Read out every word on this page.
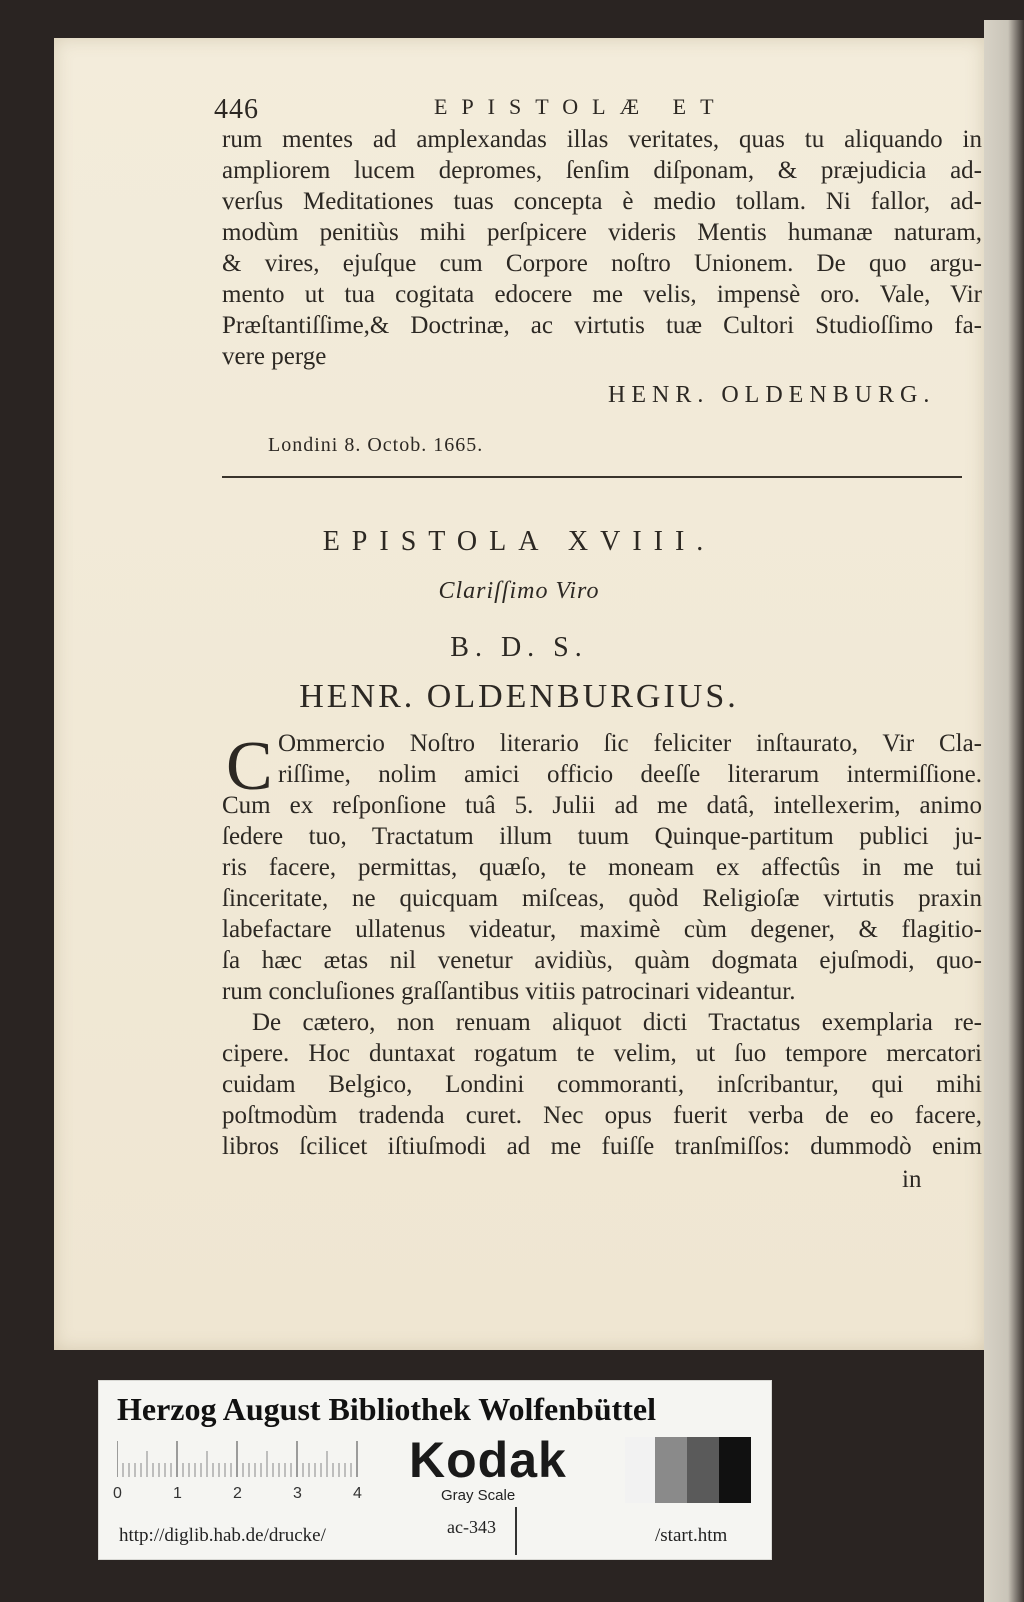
446	EPISTOLÆ ET
rum mentes ad amplexandas illas veritates, quas tu aliquando in
ampliorem lucem depromes, ſenſim diſponam, & præjudicia ad-
verſus Meditationes tuas concepta è medio tollam. Ni fallor, ad-
modùm penitiùs mihi perſpicere videris Mentis humanæ naturam,
& vires, ejuſque cum Corpore noſtro Unionem. De quo argu-
mento ut tua cogitata edocere me velis, impensè oro. Vale, Vir
Præſtantiſſime,& Doctrinæ, ac virtutis tuæ Cultori Studioſſimo fa-
vere perge
HENR. OLDENBURG.
Londini 8. Octob. 1665.
EPISTOLA XVIII.
Clariſſimo Viro
B. D. S.
HENR. OLDENBURGIUS.
C Ommercio Noſtro literario ſic feliciter inſtaurato, Vir Cla-
riſſime, nolim amici officio deeſſe literarum intermiſſione.
Cum ex reſponſione tuâ 5. Julii ad me datâ, intellexerim, animo
ſedere tuo, Tractatum illum tuum Quinque-partitum publici ju-
ris facere, permittas, quæſo, te moneam ex affectûs in me tui
ſinceritate, ne quicquam miſceas, quòd Religioſæ virtutis praxin
labefactare ullatenus videatur, maximè cùm degener, & flagitio-
ſa hæc ætas nil venetur avidiùs, quàm dogmata ejuſmodi, quo-
rum concluſiones graſſantibus vitiis patrocinari videantur.
De cætero, non renuam aliquot dicti Tractatus exemplaria re-
cipere. Hoc duntaxat rogatum te velim, ut ſuo tempore mercatori
cuidam Belgico, Londini commoranti, inſcribantur, qui mihi
poſtmodùm tradenda curet. Nec opus fuerit verba de eo facere,
libros ſcilicet iſtiuſmodi ad me fuiſſe tranſmiſſos: dummodò enim
in
Herzog August Bibliothek Wolfenbüttel
0	1	2	3	4
Kodak
Gray Scale
http://diglib.hab.de/drucke/	ac-343	/start.htm
